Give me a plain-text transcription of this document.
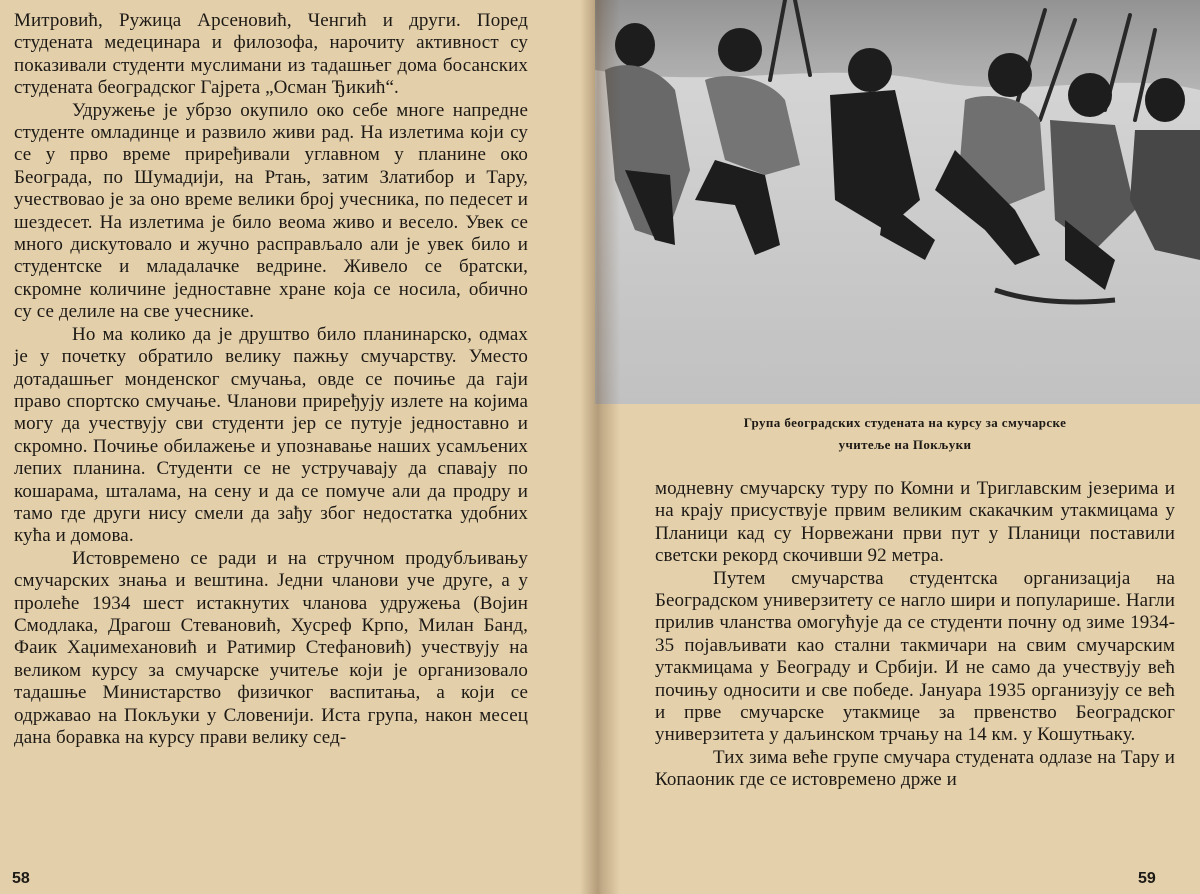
Митровић, Ружица Арсеновић, Ченгић и други. Поред студената медецинара и филозофа, нарочиту активност су показивали студенти муслимани из тадашњег дома босанских студената београдског Гајрета „Осман Ђикић“.

Удружење је убрзо окупило око себе многе напредне студенте омладинце и развило живи рад. На излетима који су се у прво време приређивали углавном у планине око Београда, по Шумадији, на Ртањ, затим Златибор и Тару, учествовао је за оно време велики број учесника, по педесет и шездесет. На излетима је било веома живо и весело. Увек се много дискутовало и жучно расправљало али је увек било и студентске и младалачке ведрине. Живело се братски, скромне количине једноставне хране која се носила, обично су се делиле на све учеснике.

Но ма колико да је друштво било планинарско, одмах је у почетку обратило велику пажњу смучарству. Уместо дотадашњег монденског смучања, овде се почиње да гаји право спортско смучање. Чланови приређују излете на којима могу да учествују сви студенти јер се путује једноставно и скромно. Почиње обилажење и упознавање наших усамљених лепих планина. Студенти се не устручавају да спавају по кошарама, шталама, на сену и да се помуче али да продру и тамо где други нису смели да зађу због недостатка удобних кућа и домова.

Истовремено се ради и на стручном продубљивању смучарских знања и вештина. Једни чланови уче друге, а у пролеће 1934 шест истакнутих чланова удружења (Војин Смодлака, Драгош Стевановић, Хусреф Крпо, Милан Банд, Фаик Хаџимехановић и Ратимир Стефановић) учествују на великом курсу за смучарске учитеље који је организовало тадашње Министарство физичког васпитања, а који се одржавао на Покљуки у Словенији. Иста група, након месец дана боравка на курсу прави велику сед-

58
Група београдских студената на курсу за смучарске
учитеље на Покљуки

модневну смучарску туру по Комни и Триглавским језерима и на крају присуствује првим великим скакачким утакмицама у Планици кад су Норвежани први пут у Планици поставили светски рекорд скочивши 92 метра.

Путем смучарства студентска организација на Београдском универзитету се нагло шири и популарише. Нагли прилив чланства омогућује да се студенти почну од зиме 1934-35 појављивати као стални такмичари на свим смучарским утакмицама у Београду и Србији. И не само да учествују већ почињу односити и све победе. Јануара 1935 организују се већ и прве смучарске утакмице за првенство Београдског универзитета у даљинском трчању на 14 км. у Кошутњаку.

Тих зима веће групе смучара студената одлазе на Тару и Копаоник где се истовремено држе и

59
